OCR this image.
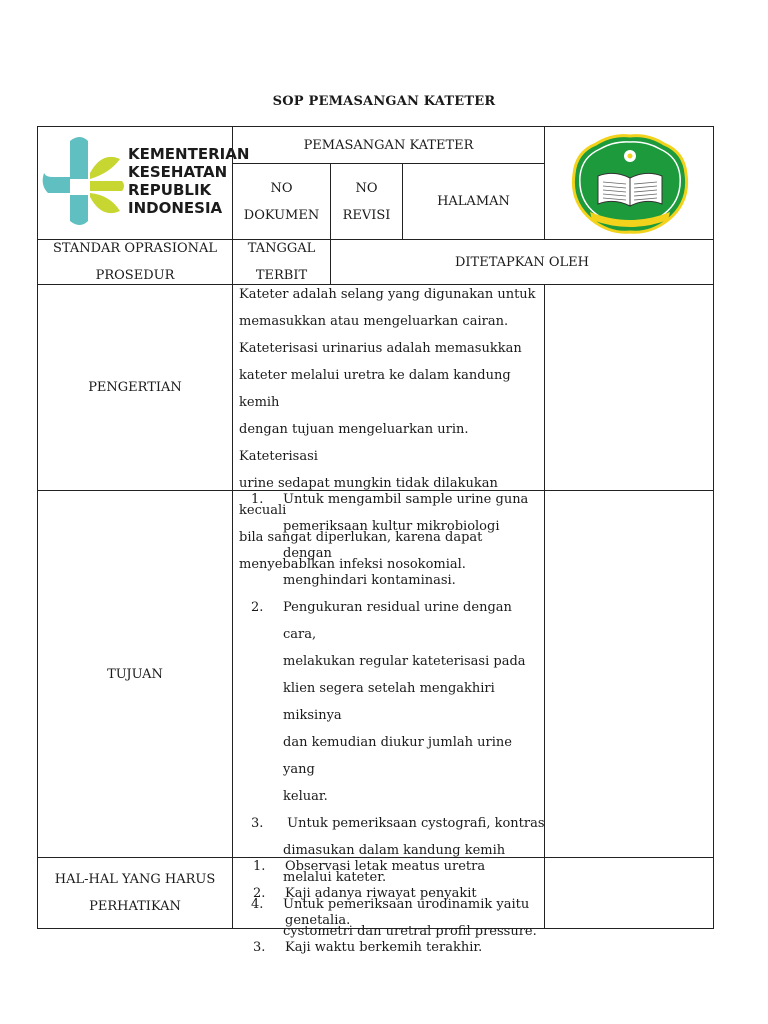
SOP PEMASANGAN KATETER
KEMENTERIAN
KESEHATAN
REPUBLIK
INDONESIA
PEMASANGAN KATETER
NO
DOKUMEN
NO
REVISI
HALAMAN
STANDAR OPRASIONAL
PROSEDUR
TANGGAL
TERBIT
DITETAPKAN OLEH
PENGERTIAN
Kateter adalah selang yang digunakan untuk
memasukkan atau mengeluarkan cairan.
Kateterisasi urinarius adalah memasukkan
kateter melalui uretra ke dalam kandung kemih
dengan tujuan mengeluarkan urin. Kateterisasi
urine sedapat mungkin tidak dilakukan kecuali
bila sangat diperlukan, karena dapat
menyebablkan infeksi nosokomial.
TUJUAN
1. Untuk mengambil sample urine guna
pemeriksaan kultur mikrobiologi dengan
menghindari kontaminasi.
2. Pengukuran residual urine dengan cara,
melakukan regular kateterisasi pada
klien segera setelah mengakhiri miksinya
dan kemudian diukur jumlah urine yang
keluar.
3. Untuk pemeriksaan cystografi, kontras
dimasukan dalam kandung kemih
melalui kateter.
4. Untuk pemeriksaan urodinamik yaitu
cystometri dan uretral profil pressure.
HAL-HAL YANG HARUS
PERHATIKAN
1. Observasi letak meatus uretra
2. Kaji adanya riwayat penyakit genetalia.
3. Kaji waktu berkemih terakhir.
